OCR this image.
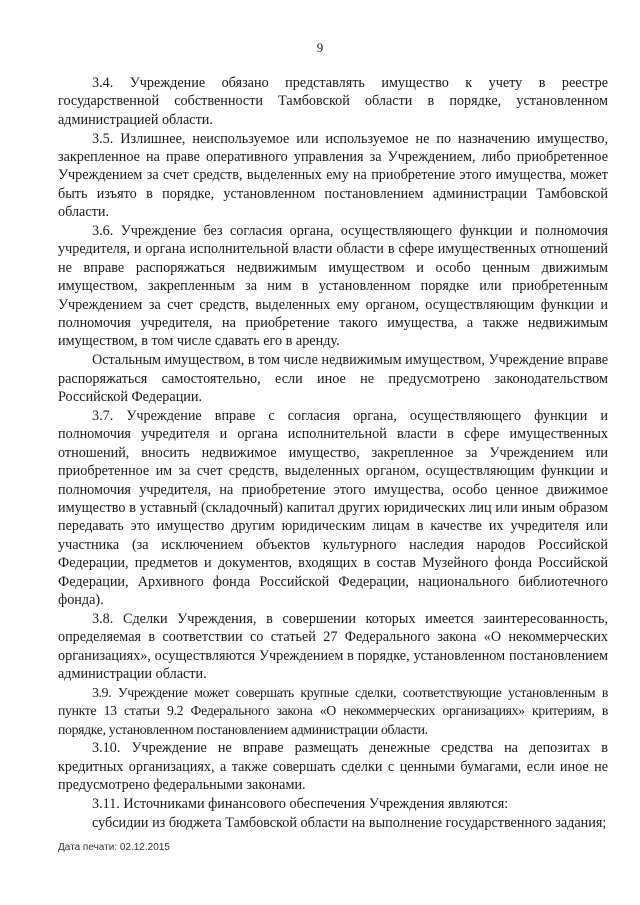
9

3.4. Учреждение обязано представлять имущество к учету в реестре государственной собственности Тамбовской области в порядке, установленном администрацией области.

3.5. Излишнее, неиспользуемое или используемое не по назначению имущество, закрепленное на праве оперативного управления за Учреждением, либо приобретенное Учреждением за счет средств, выделенных ему на приобретение этого имущества, может быть изъято в порядке, установленном постановлением администрации Тамбовской области.

3.6. Учреждение без согласия органа, осуществляющего функции и полномочия учредителя, и органа исполнительной власти области в сфере имущественных отношений не вправе распоряжаться недвижимым имуществом и особо ценным движимым имуществом, закрепленным за ним в установленном порядке или приобретенным Учреждением за счет средств, выделенных ему органом, осуществляющим функции и полномочия учредителя, на приобретение такого имущества, а также недвижимым имуществом, в том числе сдавать его в аренду.

Остальным имуществом, в том числе недвижимым имуществом, Учреждение вправе распоряжаться самостоятельно, если иное не предусмотрено законодательством Российской Федерации.

3.7. Учреждение вправе с согласия органа, осуществляющего функции и полномочия учредителя и органа исполнительной власти в сфере имущественных отношений, вносить недвижимое имущество, закрепленное за Учреждением или приобретенное им за счет средств, выделенных органом, осуществляющим функции и полномочия учредителя, на приобретение этого имущества, особо ценное движимое имущество в уставный (складочный) капитал других юридических лиц или иным образом передавать это имущество другим юридическим лицам в качестве их учредителя или участника (за исключением объектов культурного наследия народов Российской Федерации, предметов и документов, входящих в состав Музейного фонда Российской Федерации, Архивного фонда Российской Федерации, национального библиотечного фонда).

3.8. Сделки Учреждения, в совершении которых имеется заинтересованность, определяемая в соответствии со статьей 27 Федерального закона «О некоммерческих организациях», осуществляются Учреждением в порядке, установленном постановлением администрации области.

3.9. Учреждение может совершать крупные сделки, соответствующие установленным в пункте 13 статьи 9.2 Федерального закона «О некоммерческих организациях» критериям, в порядке, установленном постановлением администрации области.

3.10. Учреждение не вправе размещать денежные средства на депозитах в кредитных организациях, а также совершать сделки с ценными бумагами, если иное не предусмотрено федеральными законами.

3.11. Источниками финансового обеспечения Учреждения являются:

субсидии из бюджета Тамбовской области на выполнение государственного задания;

Дата печати: 02.12.2015
